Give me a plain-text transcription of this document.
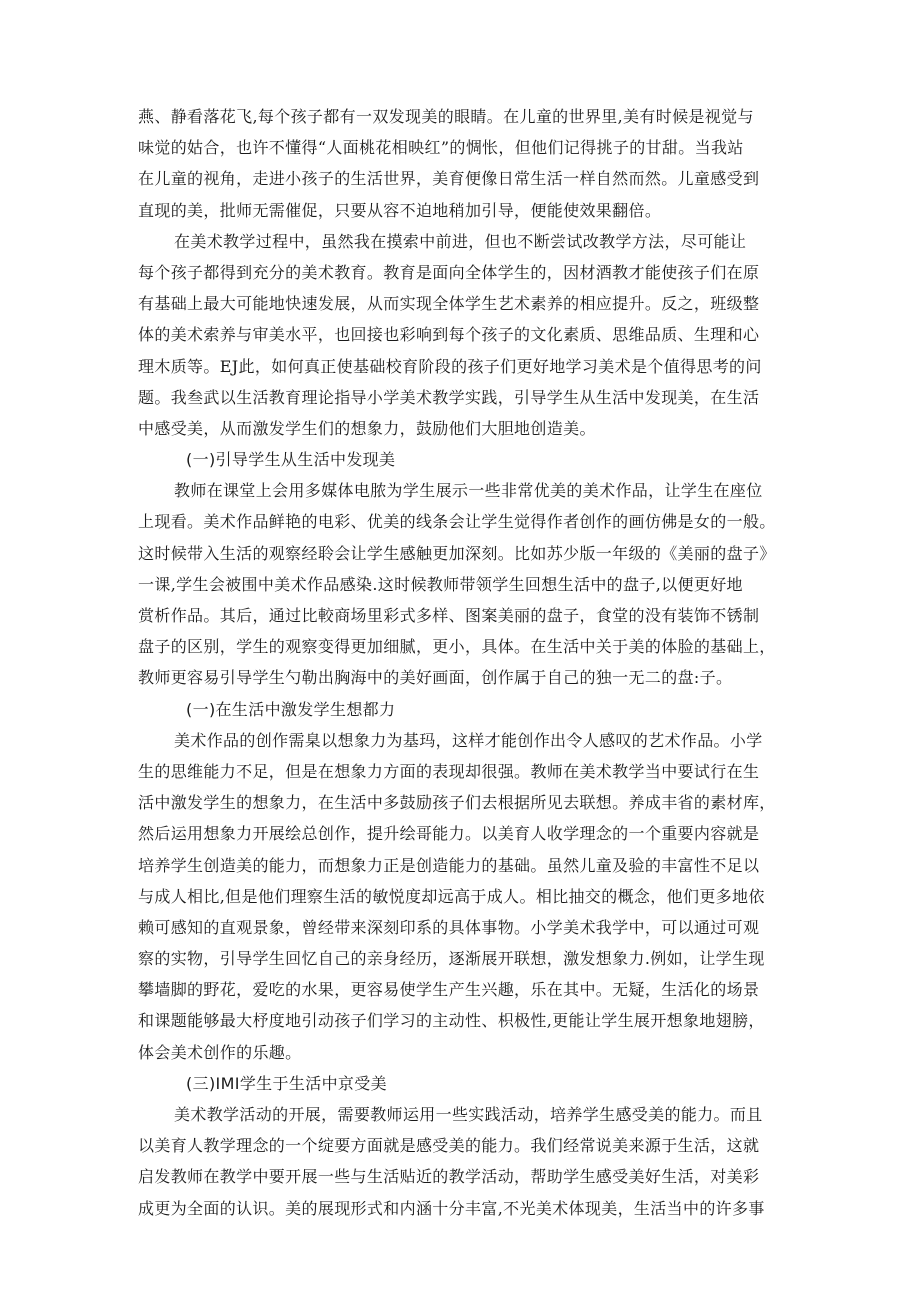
燕、静看落花飞,每个孩子都有一双发现美的眼睛。在儿童的世界里,美有时候是视觉与
味觉的姑合，也许不懂得“人面桃花相映红”的惆怅，但他们记得挑子的甘甜。当我站
在儿童的视角，走进小孩子的生活世界，美育便像日常生活一样自然而然。儿童感受到
直现的美，批师无需催促，只要从容不迫地稍加引导，便能使效果翻倍。
在美术教学过程中，虽然我在摸索中前进，但也不断尝试改教学方法，尽可能让
每个孩子都得到充分的美术教育。教育是面向全体学生的，因材酒教才能使孩子们在原
有基础上最大可能地快速发展，从而实现全体学生艺术素养的相应提升。反之，班级整
体的美术索养与审美水平，也回接也彩响到每个孩子的文化素质、思维品质、生理和心
理木质等。EJ此，如何真正使基础校育阶段的孩子们更好地学习美术是个值得思考的问
题。我叁武以生活教育理论指导小学美术教学实践，引导学生从生活中发现美，在生活
中感受美，从而激发学生们的想象力，鼓励他们大胆地创造美。
(一)引导学生从生活中发现美
教师在课堂上会用多媒体电脓为学生展示一些非常优美的美术作品，让学生在座位
上现看。美术作品鲜艳的电彩、优美的线条会让学生觉得作者创作的画仿佛是女的一般。
这时候带入生活的观察经聆会让学生感触更加深刻。比如苏少版一年级的《美丽的盘子》
一课,学生会被围中美术作品感染.这时候教师带领学生回想生活中的盘子,以便更好地
赏析作品。其后，通过比較商场里彩式多样、图案美丽的盘子，食堂的没有装饰不锈制
盘子的区别，学生的观察变得更加细腻，更小，具体。在生活中关于美的体脸的基础上，
教师更容易引导学生勺勒出胸海中的美好画面，创作属于自己的独一无二的盘:子。
(一)在生活中激发学生想都力
美术作品的创作需臬以想象力为基玛，这样才能创作出令人感叹的艺术作品。小学
生的思维能力不足，但是在想象力方面的表现却很强。教师在美术教学当中要试行在生
活中激发学生的想象力，在生活中多鼓励孩子们去根据所见去联想。养成丰省的素材库，
然后运用想象力开展绘总创作，提升绘哥能力。以美育人收学理念的一个重要内容就是
培养学生创造美的能力，而想象力正是创造能力的基础。虽然儿童及验的丰富性不足以
与成人相比,但是他们理察生活的敏悦度却远高于成人。相比抽交的概念，他们更多地依
赖可感知的直观景象，曾经带来深刻印系的具体事物。小学美术我学中，可以通过可观
察的实物，引导学生回忆自己的亲身经历，逐渐展开联想，激发想象力.例如，让学生现
攀墙脚的野花，爱吃的水果，更容易使学生产生兴趣，乐在其中。无疑，生活化的场景
和课题能够最大杼度地引动孩子们学习的主动性、枳极性,更能让学生展开想象地翅膀，
体会美术创作的乐趣。
(三)IMI学生于生活中京受美
美术教学活动的开展，需要教师运用一些实践活动，培养学生感受美的能力。而且
以美育人教学理念的一个绽要方面就是感受美的能力。我们经常说美来源于生活，这就
启发教师在教学中要开展一些与生活贴近的教学活动，帮助学生感受美好生活，对美彩
成更为全面的认识。美的展现形式和内涵十分丰富,不光美术体现美，生活当中的许多事
